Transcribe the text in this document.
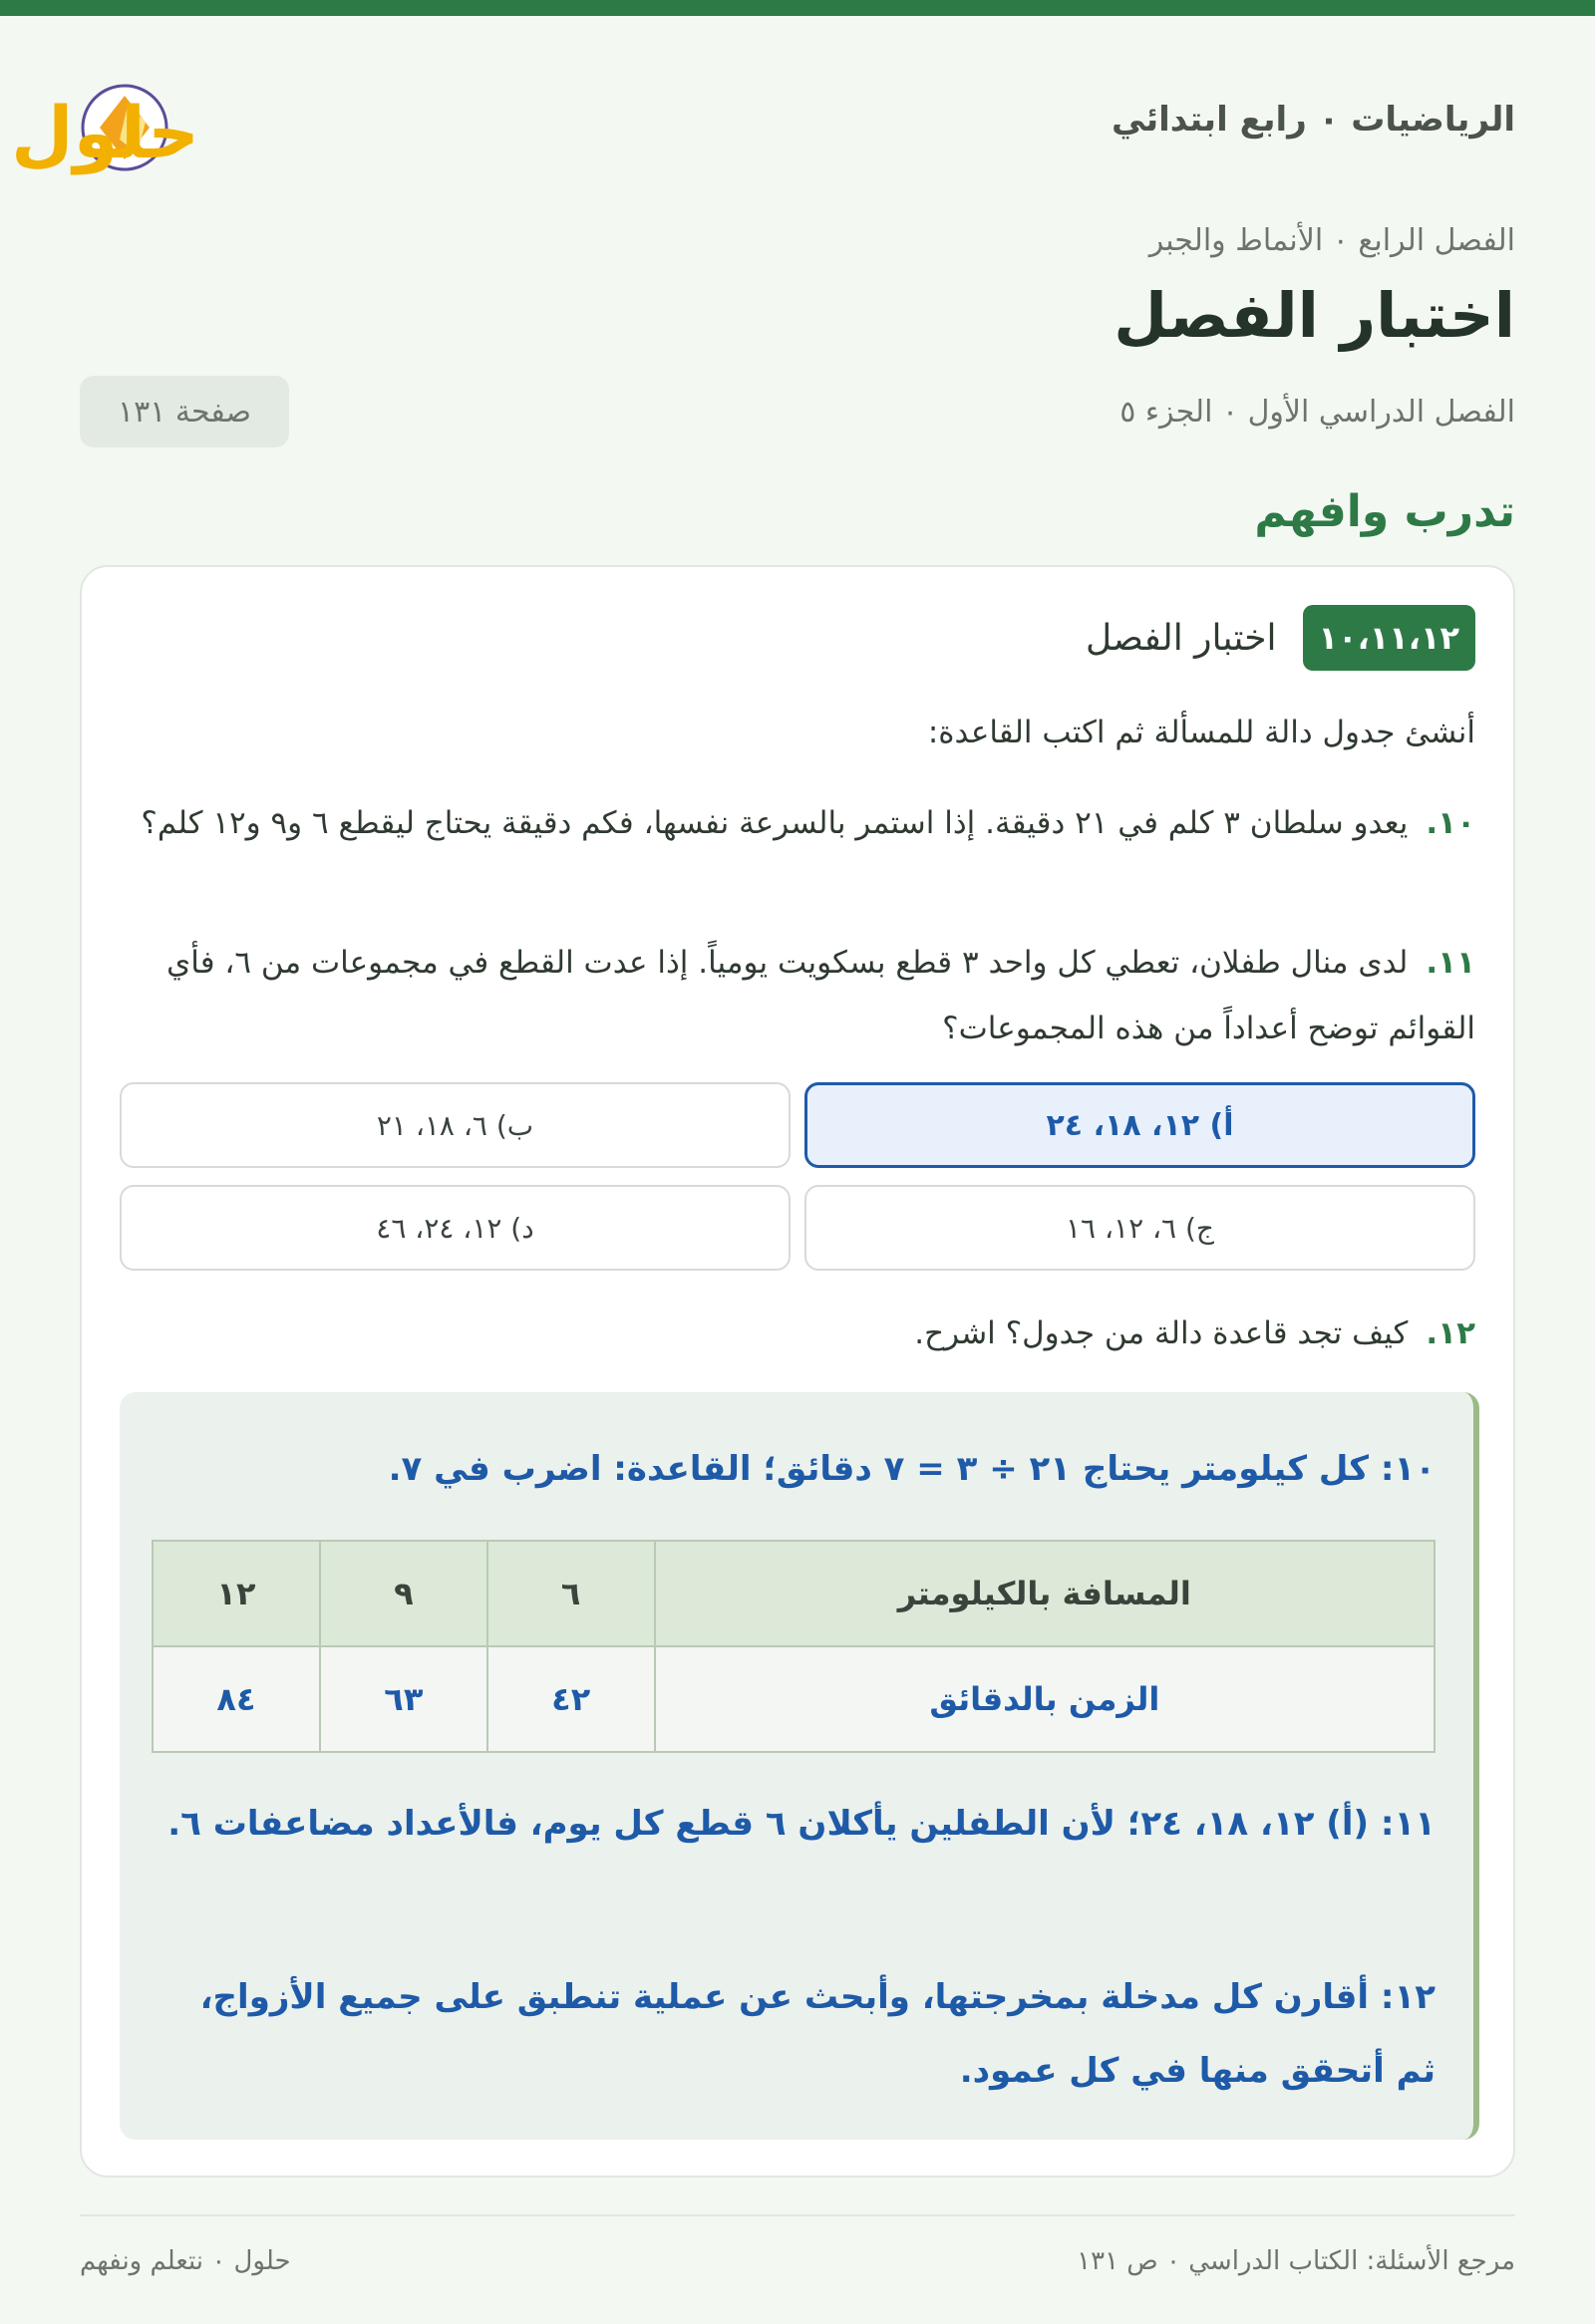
الرياضيات ٠ رابع ابتدائي
حلول
الفصل الرابع ٠ الأنماط والجبر
اختبار الفصل
الفصل الدراسي الأول ٠ الجزء ٥
صفحة ١٣١
تدرب وافهم
١٠،١١،١٢
اختبار الفصل
أنشئ جدول دالة للمسألة ثم اكتب القاعدة:
١٠.يعدو سلطان ٣ كلم في ٢١ دقيقة. إذا استمر بالسرعة نفسها، فكم دقيقة يحتاج ليقطع ٦ و٩ و١٢ كلم؟
١١.لدى منال طفلان، تعطي كل واحد ٣ قطع بسكويت يومياً. إذا عدت القطع في مجموعات من ٦، فأي القوائم توضح أعداداً من هذه المجموعات؟
أ) ١٢، ١٨، ٢٤
ب) ٦، ١٨، ٢١
ج) ٦، ١٢، ١٦
د) ١٢، ٢٤، ٤٦
١٢.كيف تجد قاعدة دالة من جدول؟ اشرح.
١٠: كل كيلومتر يحتاج ٢١ ÷ ٣ = ٧ دقائق؛ القاعدة: اضرب في ٧.
المسافة بالكيلومتر	٦	٩	١٢
الزمن بالدقائق	٤٢	٦٣	٨٤
١١: (أ) ١٢، ١٨، ٢٤؛ لأن الطفلين يأكلان ٦ قطع كل يوم، فالأعداد مضاعفات ٦.
١٢: أقارن كل مدخلة بمخرجتها، وأبحث عن عملية تنطبق على جميع الأزواج، ثم أتحقق منها في كل عمود.
مرجع الأسئلة: الكتاب الدراسي ٠ ص ١٣١
حلول ٠ نتعلم ونفهم
